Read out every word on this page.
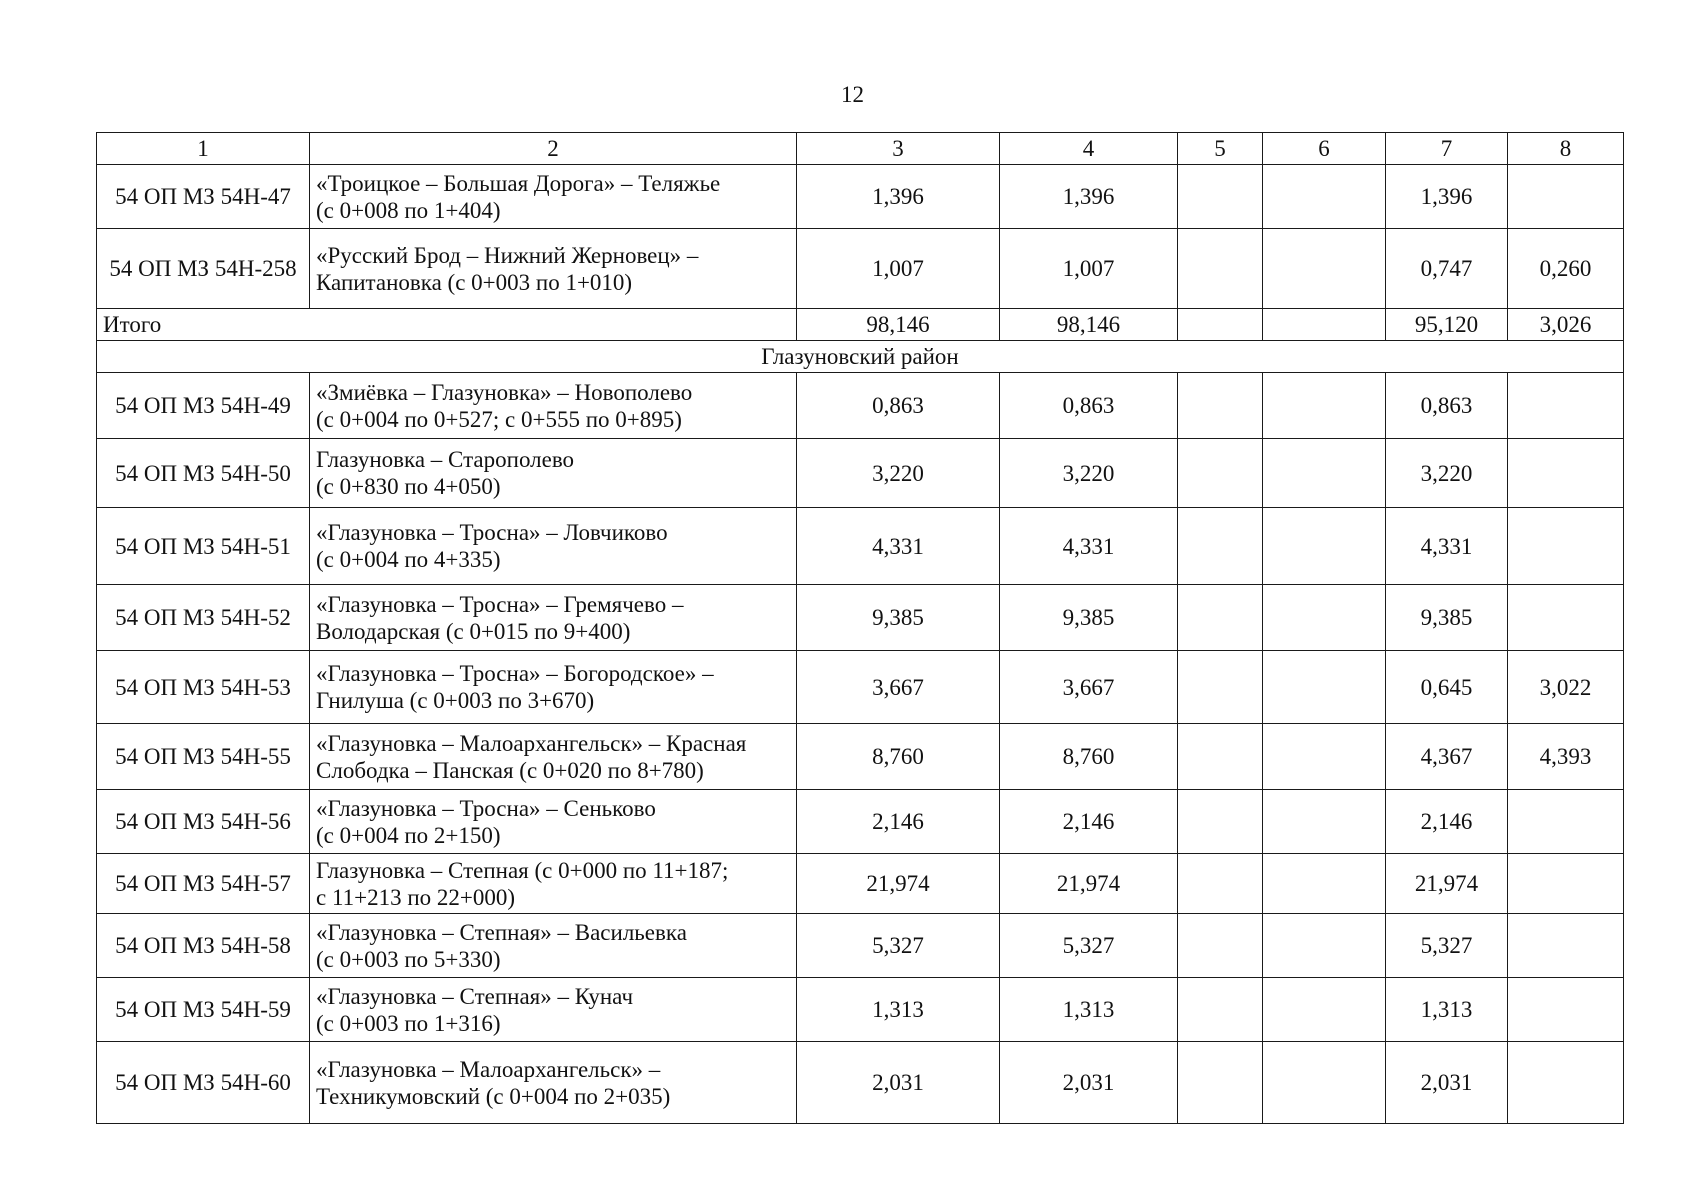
12
1	2	3	4	5	6	7	8
54 ОП МЗ 54Н-47	«Троицкое – Большая Дорога» – Теляжье
(с 0+008 по 1+404)	1,396	1,396			1,396	
54 ОП МЗ 54Н-258	«Русский Брод – Нижний Жерновец» –
Капитановка (с 0+003 по 1+010)	1,007	1,007			0,747	0,260
Итого		98,146	98,146			95,120	3,026
Глазуновский район							
54 ОП МЗ 54Н-49	«Змиёвка – Глазуновка» – Новополево
(с 0+004 по 0+527; с 0+555 по 0+895)	0,863	0,863			0,863	
54 ОП МЗ 54Н-50	Глазуновка – Старополево
(с 0+830 по 4+050)	3,220	3,220			3,220	
54 ОП МЗ 54Н-51	«Глазуновка – Тросна» – Ловчиково
(с 0+004 по 4+335)	4,331	4,331			4,331	
54 ОП МЗ 54Н-52	«Глазуновка – Тросна» – Гремячево –
Володарская (с 0+015 по 9+400)	9,385	9,385			9,385	
54 ОП МЗ 54Н-53	«Глазуновка – Тросна» – Богородское» –
Гнилуша (с 0+003 по 3+670)	3,667	3,667			0,645	3,022
54 ОП МЗ 54Н-55	«Глазуновка – Малоархангельск» – Красная
Слободка – Панская (с 0+020 по 8+780)	8,760	8,760			4,367	4,393
54 ОП МЗ 54Н-56	«Глазуновка – Тросна» – Сеньково
(с 0+004 по 2+150)	2,146	2,146			2,146	
54 ОП МЗ 54Н-57	Глазуновка – Степная (с 0+000 по 11+187;
с 11+213 по 22+000)	21,974	21,974			21,974	
54 ОП МЗ 54Н-58	«Глазуновка – Степная» – Васильевка
(с 0+003 по 5+330)	5,327	5,327			5,327	
54 ОП МЗ 54Н-59	«Глазуновка – Степная» – Кунач
(с 0+003 по 1+316)	1,313	1,313			1,313	
54 ОП МЗ 54Н-60	«Глазуновка – Малоархангельск» –
Техникумовский (с 0+004 по 2+035)	2,031	2,031			2,031	
